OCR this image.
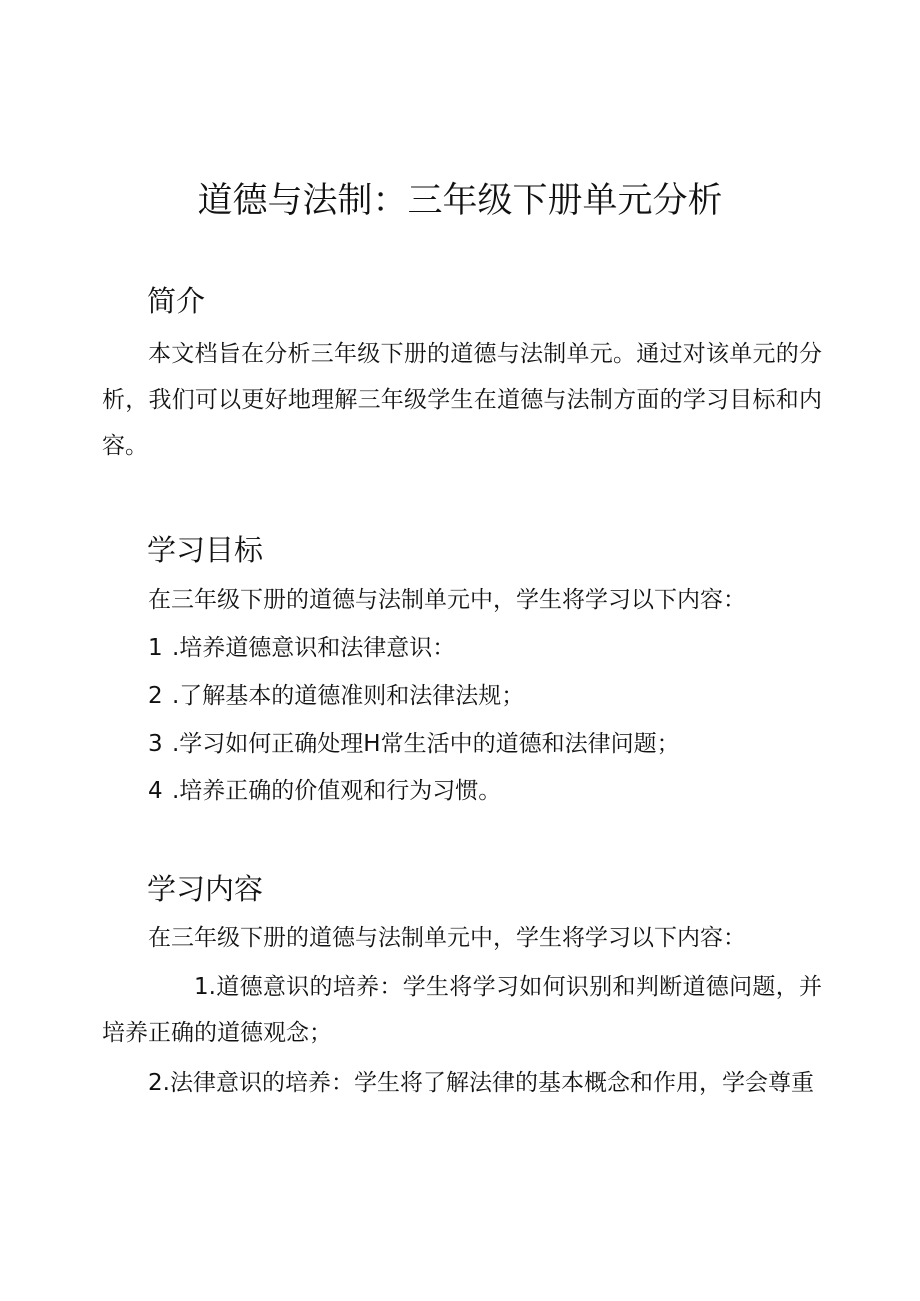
道德与法制：三年级下册单元分析
简介

本文档旨在分析三年级下册的道德与法制单元。通过对该单元的分析，我们可以更好地理解三年级学生在道德与法制方面的学习目标和内容。

学习目标

在三年级下册的道德与法制单元中，学生将学习以下内容：

1 .培养道德意识和法律意识：

2 .了解基本的道德准则和法律法规；

3 .学习如何正确处理H常生活中的道德和法律问题；

4 .培养正确的价值观和行为习惯。

学习内容

在三年级下册的道德与法制单元中，学生将学习以下内容：

1.道德意识的培养：学生将学习如何识别和判断道德问题，并培养正确的道德观念；

2.法律意识的培养：学生将了解法律的基本概念和作用，学会尊重
